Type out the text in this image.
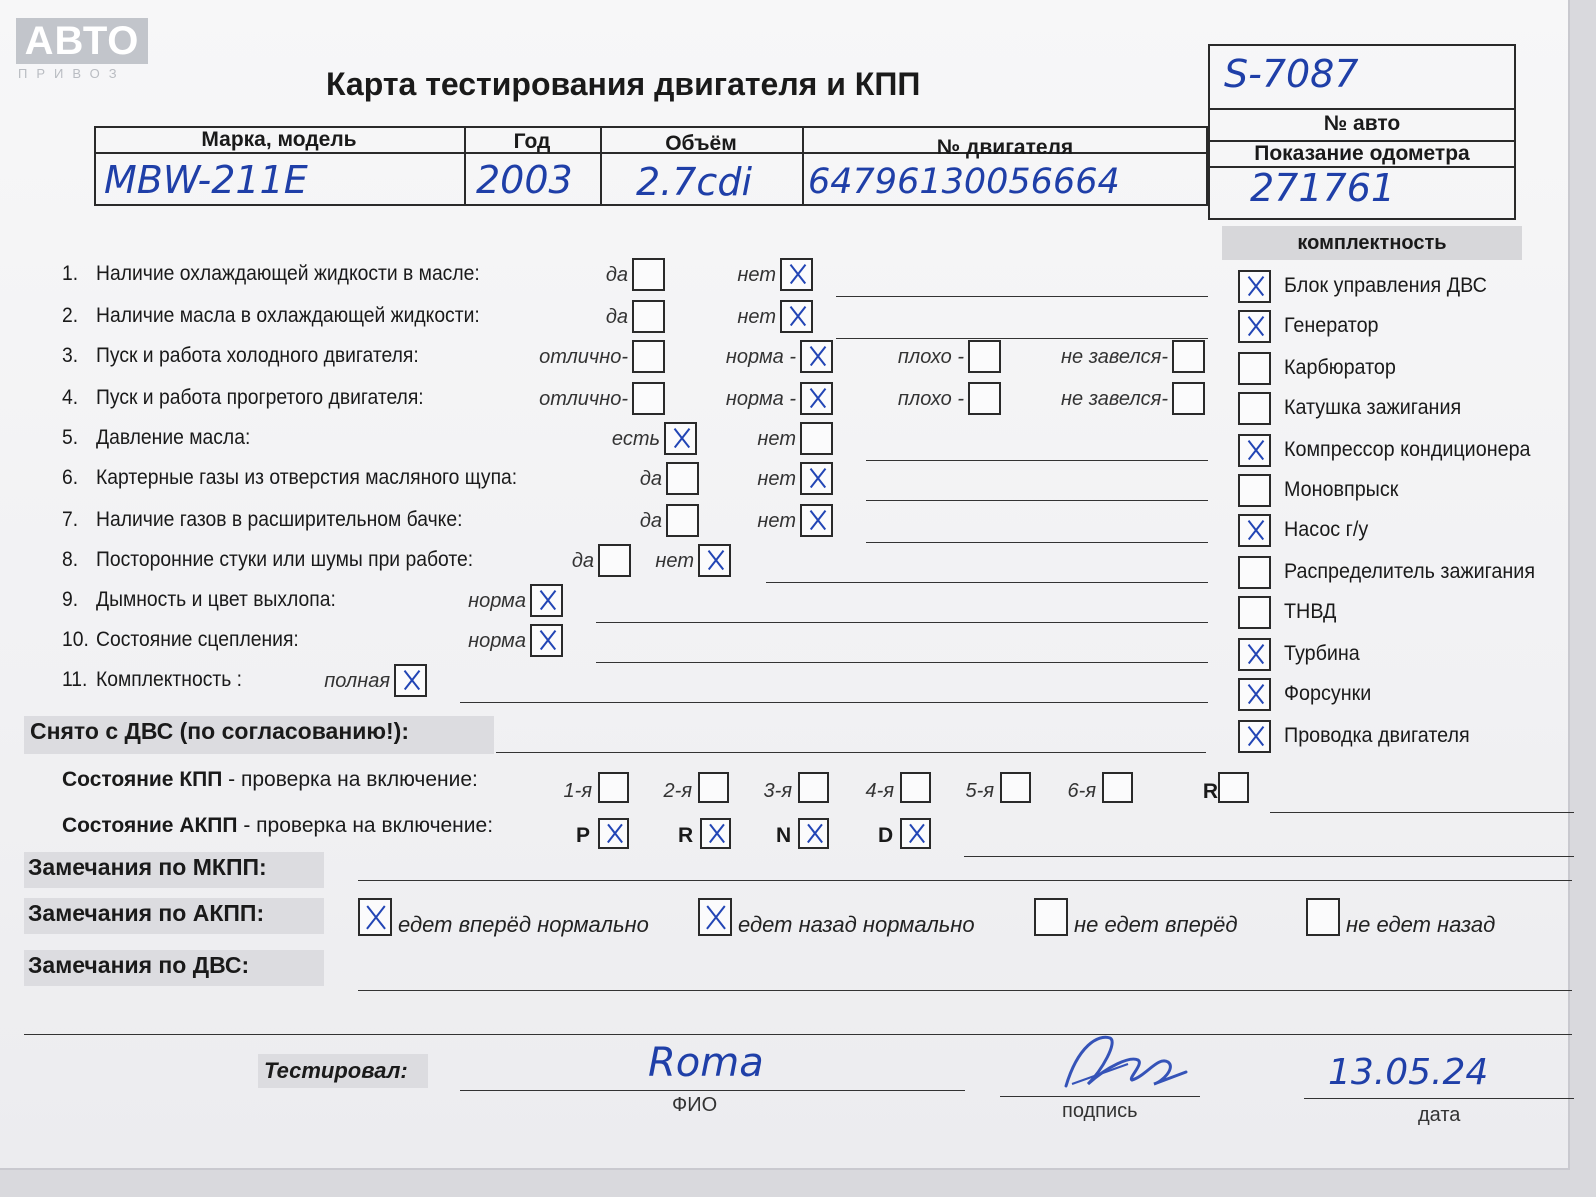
АВТО
ПРИВОЗ	Карта тестирования двигателя и КПП	S-7087
№ авто
Показание одометра
271761
Марка, модель	Год	Объём	№ двигателя
MBW-211E	2003 2.7cdi 64796130056664
1. Наличие охлаждающей жидкости в масле:	да	нет
2. Наличие масла в охлаждающей жидкости:	да	нет
3. Пуск и работа холодного двигателя:	отлично-	норма -	плохо -	не завелся-
4. Пуск и работа прогретого двигателя:	отлично-	норма -	плохо -	не завелся-
5. Давление масла:	есть	нет
6. Картерные газы из отверстия масляного щупа:	да	нет
7. Наличие газов в расширительном бачке:	да	нет
8. Посторонние стуки или шумы при работе:	да	нет
9. Дымность и цвет выхлопа:	норма
10. Состояние сцепления:	норма
11. Комплектность :	полная
Снято с ДВС (по согласованию!):
комплектность
Блок управления ДВС
Генератор
Карбюратор
Катушка зажигания
Компрессор кондиционера
Моновпрыск
Насос г/у
Распределитель зажигания
ТНВД
Турбина
Форсунки
Проводка двигателя
Состояние КПП - проверка на включение:	1-я	2-я	3-я	4-я	5-я	6-я	R
Состояние АКПП - проверка на включение:	P	R	N	D
Замечания по МКПП:
Замечания по АКПП:	едет вперёд нормально	едет назад нормально	не едет вперёд	не едет назад
Замечания по ДВС:
Тестировал:	Roma
ФИО	подпись
13.05.24
дата
